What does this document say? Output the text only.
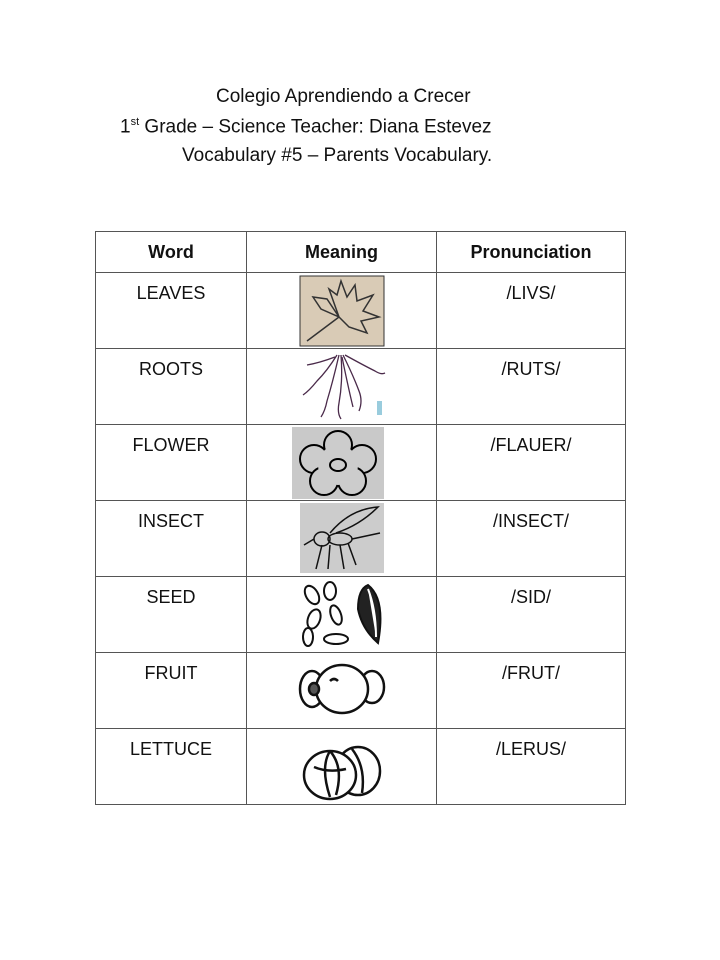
Colegio Aprendiendo a Crecer
1st Grade – Science Teacher: Diana Estevez
Vocabulary #5 – Parents Vocabulary.
Word	Meaning	Pronunciation
LEAVES		/LIVS/
ROOTS		/RUTS/
FLOWER		/FLAUER/
INSECT		/INSECT/
SEED		/SID/
FRUIT		/FRUT/
LETTUCE		/LERUS/
